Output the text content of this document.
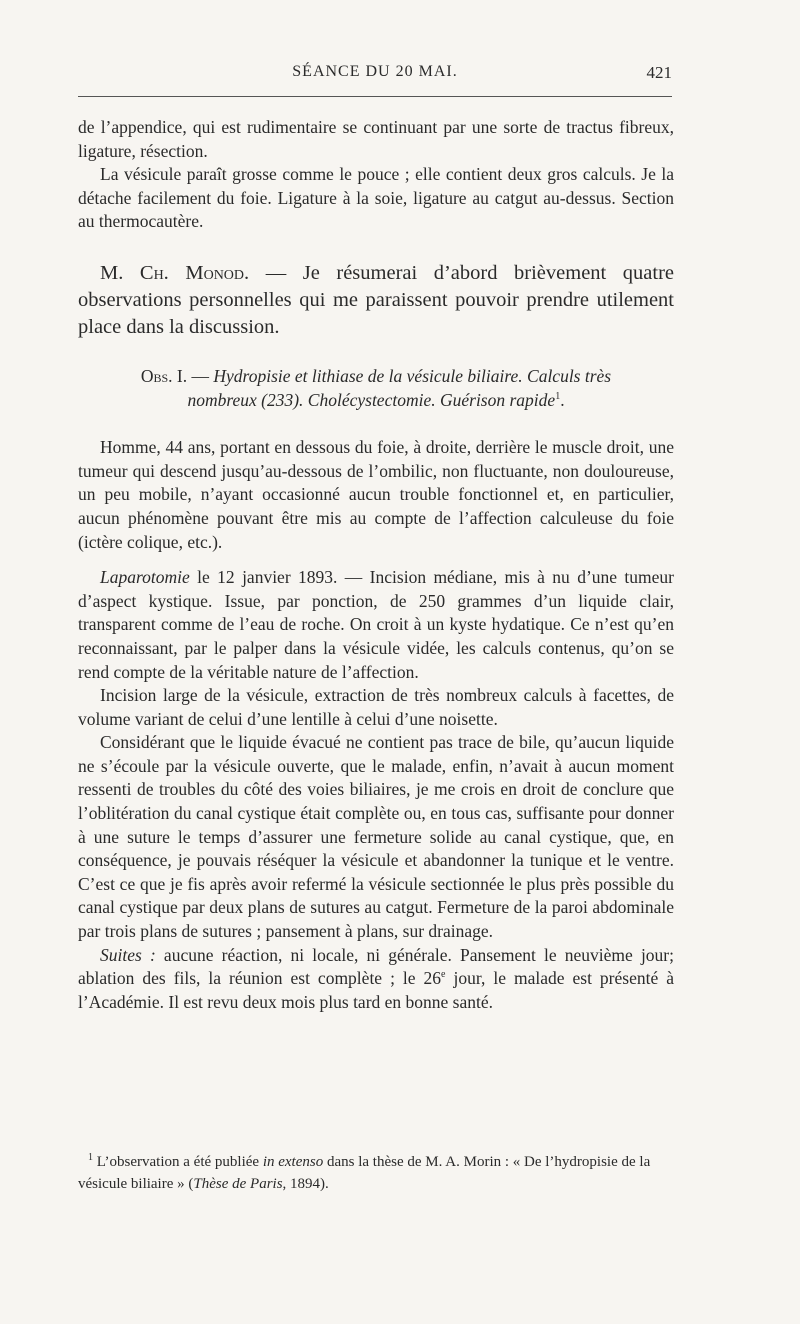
SÉANCE DU 20 MAI.	421

de l’appendice, qui est rudimentaire se continuant par une sorte de tractus fibreux, ligature, résection.

La vésicule paraît grosse comme le pouce ; elle contient deux gros calculs. Je la détache facilement du foie. Ligature à la soie, ligature au catgut au-dessus. Section au thermocautère.

M. Ch. Monod. — Je résumerai d’abord brièvement quatre observations personnelles qui me paraissent pouvoir prendre utilement place dans la discussion.

Obs. I. — Hydropisie et lithiase de la vésicule biliaire. Calculs très
nombreux (233). Cholécystectomie. Guérison rapide$^1$.

Homme, 44 ans, portant en dessous du foie, à droite, derrière le muscle droit, une tumeur qui descend jusqu’au-dessous de l’ombilic, non fluctuante, non douloureuse, un peu mobile, n’ayant occasionné aucun trouble fonctionnel et, en particulier, aucun phénomène pouvant être mis au compte de l’affection calculeuse du foie (ictère colique, etc.).

Laparotomie le 12 janvier 1893. — Incision médiane, mis à nu d’une tumeur d’aspect kystique. Issue, par ponction, de 250 grammes d’un liquide clair, transparent comme de l’eau de roche. On croit à un kyste hydatique. Ce n’est qu’en reconnaissant, par le palper dans la vésicule vidée, les calculs contenus, qu’on se rend compte de la véritable nature de l’affection.

Incision large de la vésicule, extraction de très nombreux calculs à facettes, de volume variant de celui d’une lentille à celui d’une noisette.

Considérant que le liquide évacué ne contient pas trace de bile, qu’aucun liquide ne s’écoule par la vésicule ouverte, que le malade, enfin, n’avait à aucun moment ressenti de troubles du côté des voies biliaires, je me crois en droit de conclure que l’oblitération du canal cystique était complète ou, en tous cas, suffisante pour donner à une suture le temps d’assurer une fermeture solide au canal cystique, que, en conséquence, je pouvais réséquer la vésicule et abandonner la tunique et le ventre. C’est ce que je fis après avoir refermé la vésicule sectionnée le plus près possible du canal cystique par deux plans de sutures au catgut. Fermeture de la paroi abdominale par trois plans de sutures ; pansement à plans, sur drainage.

Suites : aucune réaction, ni locale, ni générale. Pansement le neuvième jour; ablation des fils, la réunion est complète ; le 26e jour, le malade est présenté à l’Académie. Il est revu deux mois plus tard en bonne santé.

$^1$ L’observation a été publiée in extenso dans la thèse de M. A. Morin : « De l’hydropisie de la vésicule biliaire » (Thèse de Paris, 1894).
